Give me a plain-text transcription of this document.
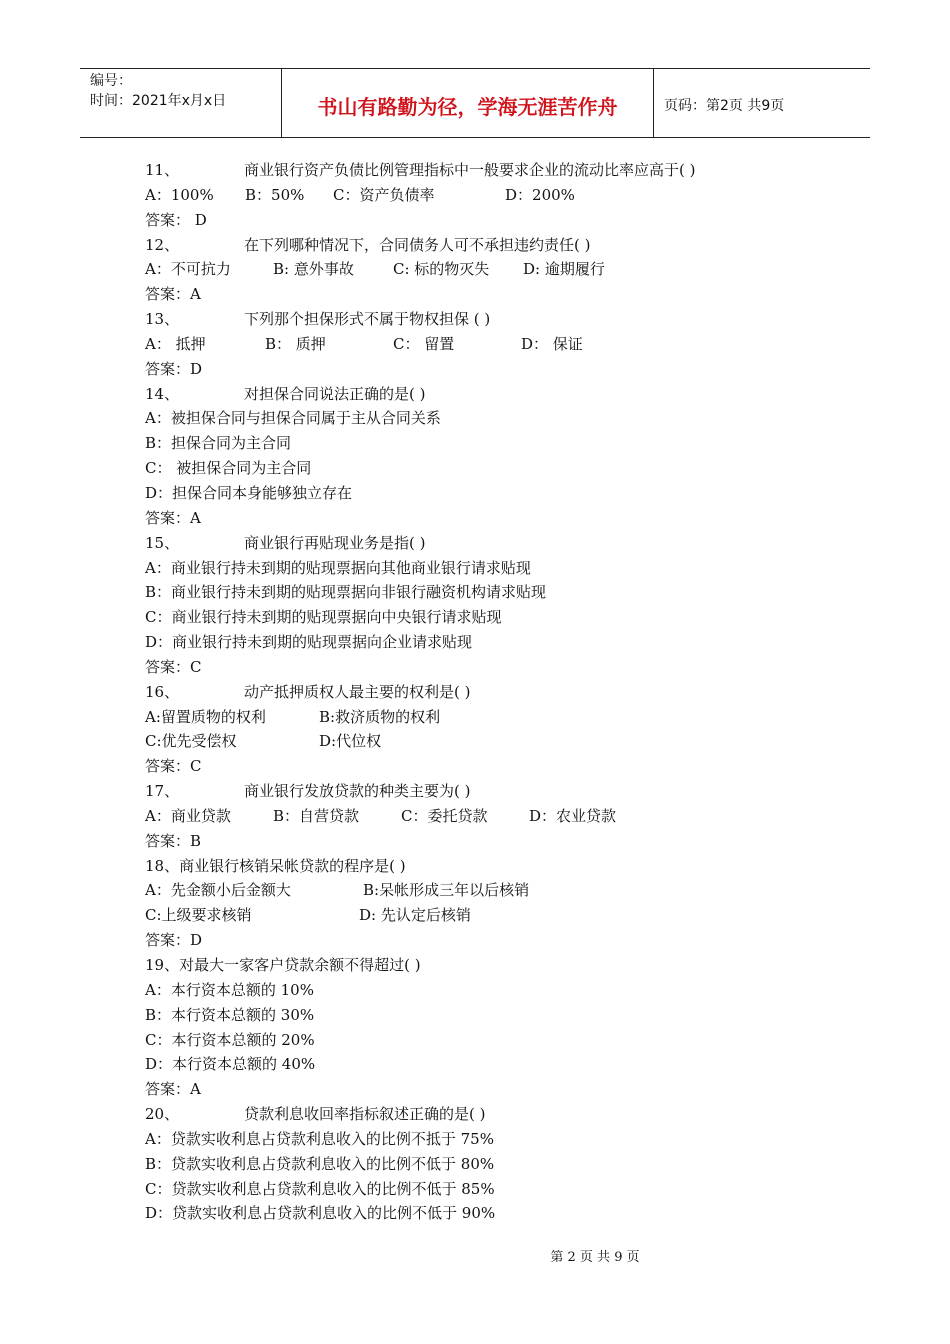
编号：
时间：2021年x月x日	书山有路勤为径，学海无涯苦作舟	页码：第2页 共9页
11、	商业银行资产负债比例管理指标中一般要求企业的流动比率应高于( )
A：100% B：50% C：资产负债率	D：200%
答案： D
12、	在下列哪种情况下，合同债务人可不承担违约责任( )
A：不可抗力	B: 意外事故	C: 标的物灭失 D: 逾期履行
答案：A
13、	下列那个担保形式不属于物权担保 ( )
A： 抵押	B： 质押	C： 留置	D： 保证
答案：D
14、	对担保合同说法正确的是( )
A：被担保合同与担保合同属于主从合同关系
B：担保合同为主合同
C： 被担保合同为主合同
D：担保合同本身能够独立存在
答案：A
15、	商业银行再贴现业务是指( )
A：商业银行持未到期的贴现票据向其他商业银行请求贴现
B：商业银行持未到期的贴现票据向非银行融资机构请求贴现
C：商业银行持未到期的贴现票据向中央银行请求贴现
D：商业银行持未到期的贴现票据向企业请求贴现
答案：C
16、	动产抵押质权人最主要的权利是( )
A:留置质物的权利	B:救济质物的权利
C:优先受偿权	D:代位权
答案：C
17、	商业银行发放贷款的种类主要为( )
A：商业贷款	B：自营贷款	C：委托贷款	D：农业贷款
答案：B
18、商业银行核销呆帐贷款的程序是( )
A：先金额小后金额大	B:呆帐形成三年以后核销
C:上级要求核销	D: 先认定后核销
答案：D
19、对最大一家客户贷款余额不得超过( )
A：本行资本总额的 10%
B：本行资本总额的 30%
C：本行资本总额的 20%
D：本行资本总额的 40%
答案：A
20、	贷款利息收回率指标叙述正确的是( )
A：贷款实收利息占贷款利息收入的比例不抵于 75%
B：贷款实收利息占贷款利息收入的比例不低于 80%
C：贷款实收利息占贷款利息收入的比例不低于 85%
D：贷款实收利息占贷款利息收入的比例不低于 90%
第 2 页 共 9 页
